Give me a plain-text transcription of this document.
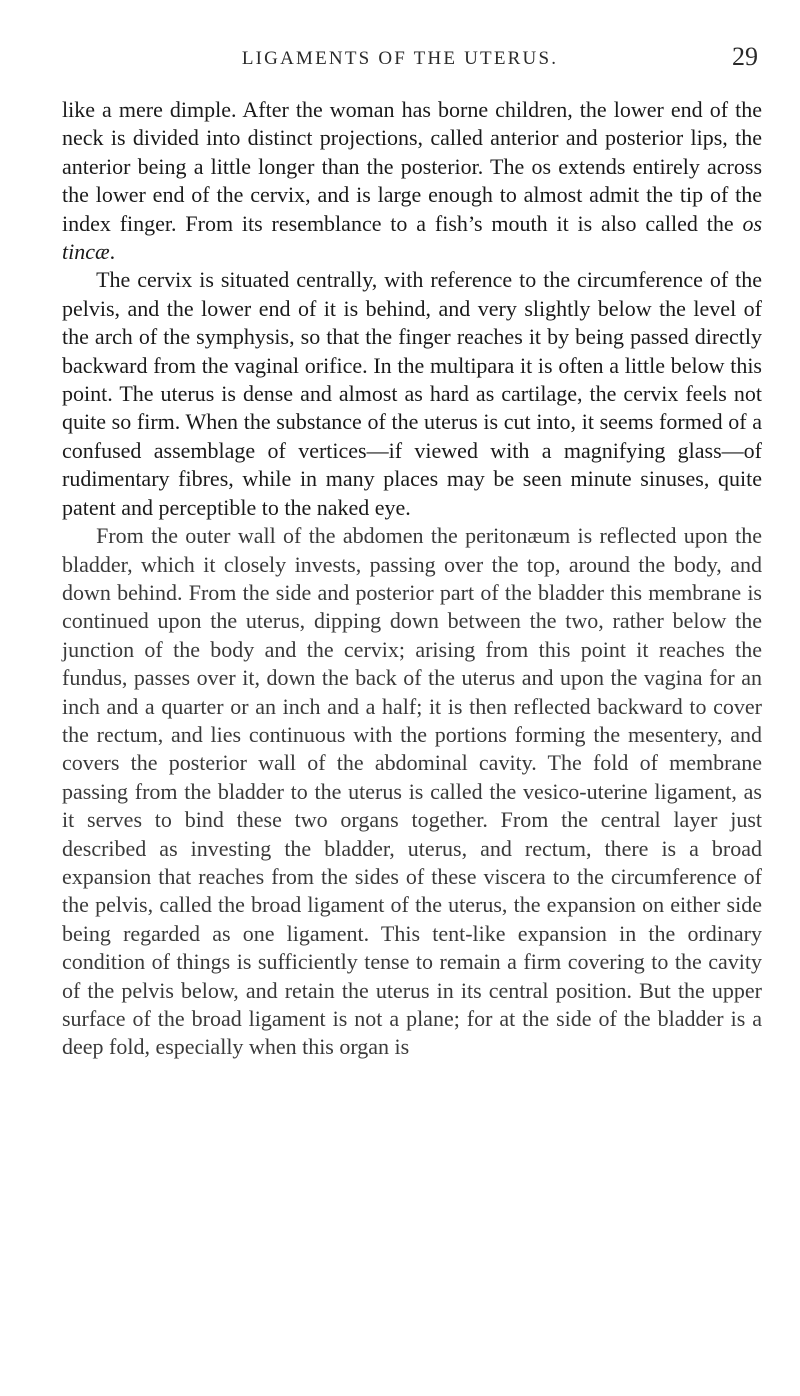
LIGAMENTS OF THE UTERUS.	29

like a mere dimple. After the woman has borne children, the lower end of the neck is divided into distinct projections, called anterior and posterior lips, the anterior being a little longer than the posterior. The os extends entirely across the lower end of the cervix, and is large enough to almost admit the tip of the index finger. From its resemblance to a fish’s mouth it is also called the os tincæ.

The cervix is situated centrally, with reference to the circumference of the pelvis, and the lower end of it is behind, and very slightly below the level of the arch of the symphysis, so that the finger reaches it by being passed directly backward from the vaginal orifice. In the multipara it is often a little below this point. The uterus is dense and almost as hard as cartilage, the cervix feels not quite so firm. When the substance of the uterus is cut into, it seems formed of a confused assemblage of vertices—if viewed with a magnifying glass—of rudimentary fibres, while in many places may be seen minute sinuses, quite patent and perceptible to the naked eye.

From the outer wall of the abdomen the peritonæum is reflected upon the bladder, which it closely invests, passing over the top, around the body, and down behind. From the side and posterior part of the bladder this membrane is continued upon the uterus, dipping down between the two, rather below the junction of the body and the cervix; arising from this point it reaches the fundus, passes over it, down the back of the uterus and upon the vagina for an inch and a quarter or an inch and a half; it is then reflected backward to cover the rectum, and lies continuous with the portions forming the mesentery, and covers the posterior wall of the abdominal cavity. The fold of membrane passing from the bladder to the uterus is called the vesico-uterine ligament, as it serves to bind these two organs together. From the central layer just described as investing the bladder, uterus, and rectum, there is a broad expansion that reaches from the sides of these viscera to the circumference of the pelvis, called the broad ligament of the uterus, the expansion on either side being regarded as one ligament. This tent-like expansion in the ordinary condition of things is sufficiently tense to remain a firm covering to the cavity of the pelvis below, and retain the uterus in its central position. But the upper surface of the broad ligament is not a plane; for at the side of the bladder is a deep fold, especially when this organ is
